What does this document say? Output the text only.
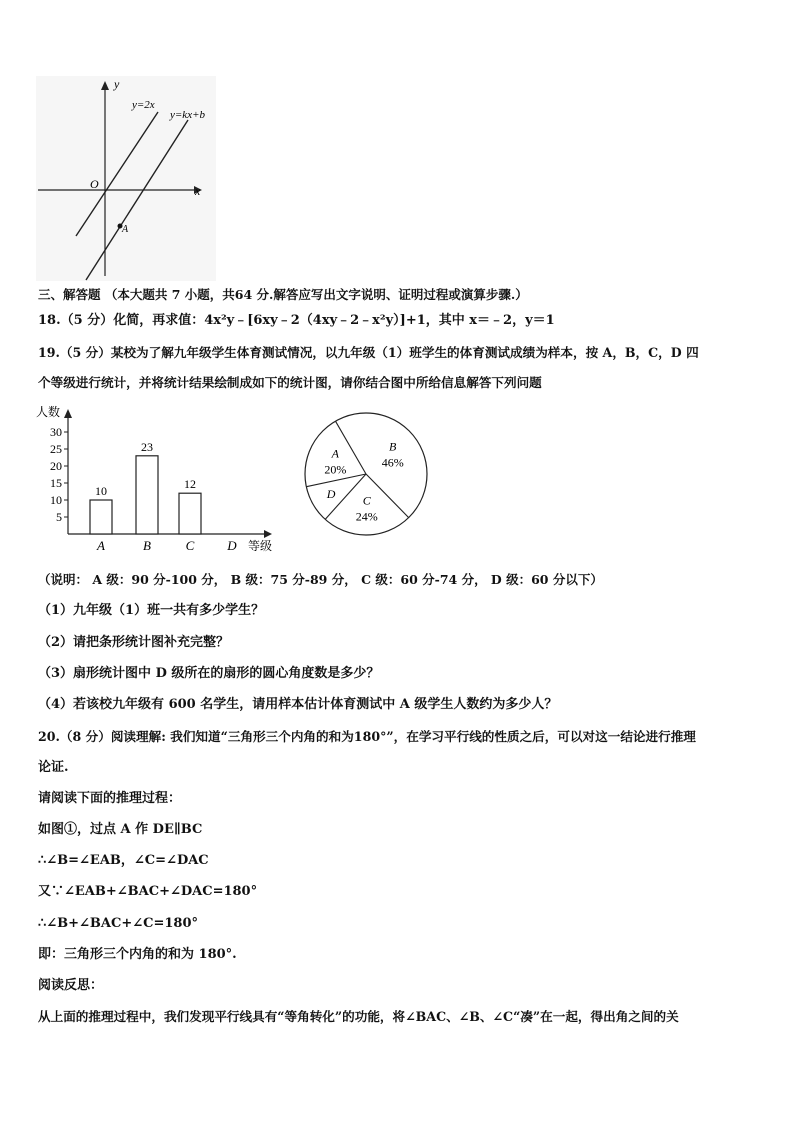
y
x
O
y=2x
y=kx+b
A
三、解答题 （本大题共 7 小题，共64 分.解答应写出文字说明、证明过程或演算步骤.）
18.（5 分）化简，再求值：4x²y﹣[6xy﹣2（4xy﹣2﹣x²y）]+1，其中 x＝﹣2，y＝1
19.（5 分）某校为了解九年级学生体育测试情况，以九年级（1）班学生的体育测试成绩为样本，按 A，B，C，D 四
个等级进行统计，并将统计结果绘制成如下的统计图，请你结合图中所给信息解答下列问题
人数
等级
5
10
15
20
25
30
10
A
23
B
12
C	D
B
46%
C
24%
D
A
20%
（说明： A 级：90 分-100 分， B 级：75 分-89 分， C 级：60 分-74 分， D 级：60 分以下）
（1）九年级（1）班一共有多少学生？
（2）请把条形统计图补充完整？
（3）扇形统计图中 D 级所在的扇形的圆心角度数是多少？
（4）若该校九年级有 600 名学生，请用样本估计体育测试中 A 级学生人数约为多少人？
20.（8 分）阅读理解: 我们知道“三角形三个内角的和为180°”，在学习平行线的性质之后，可以对这一结论进行推理
论证.
请阅读下面的推理过程：
如图①，过点 A 作 DE∥BC
∴∠B=∠EAB，∠C=∠DAC
又∵∠EAB+∠BAC+∠DAC=180°
∴∠B+∠BAC+∠C=180°
即：三角形三个内角的和为 180°.
阅读反思：
从上面的推理过程中，我们发现平行线具有“等角转化”的功能，将∠BAC、∠B、∠C“凑”在一起，得出角之间的关
